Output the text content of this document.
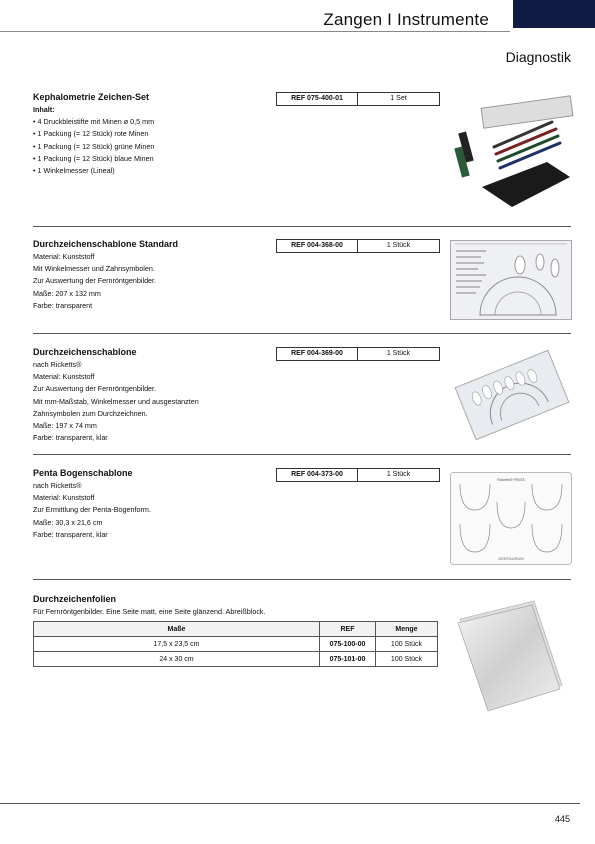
Zangen I Instrumente
Diagnostik
Kephalometrie Zeichen-Set
Inhalt:
• 4 Druckbleistifte mit Minen ø 0,5 mm
• 1 Packung (= 12 Stück) rote Minen
• 1 Packung (= 12 Stück) grüne Minen
• 1 Packung (= 12 Stück) blaue Minen
• 1 Winkelmesser (Lineal)
REF 075-400-01	1 Set
Durchzeichenschablone Standard
Material: Kunststoff
Mit Winkelmesser und Zahnsymbolen.
Zur Auswertung der Fernröntgenbilder.
Maße: 207 x 132 mm
Farbe: transparent
REF 004-368-00	1 Stück
Durchzeichenschablone
nach Ricketts®
Material: Kunststoff
Zur Auswertung der Fernröntgenbilder.
Mit mm-Maßstab, Winkelmesser und ausgestanzten
Zahnsymbolen zum Durchzeichnen.
Maße: 197 x 74 mm
Farbe: transparent, klar
REF 004-369-00	1 Stück
Penta Bogenschablone
nach Ricketts®
Material: Kunststoff
Zur Ermittlung der Penta-Bogenform.
Maße: 30,3 x 21,6 cm
Farbe: transparent, klar
REF 004-373-00	1 Stück
Ricketts® PENTA
DENTAURUM
Durchzeichenfolien
Für Fernröntgenbilder. Eine Seite matt, eine Seite glänzend. Abreißblock.
Maße	REF	Menge
17,5 x 23,5 cm	075-100-00	100 Stück
24 x 30 cm	075-101-00	100 Stück
445
